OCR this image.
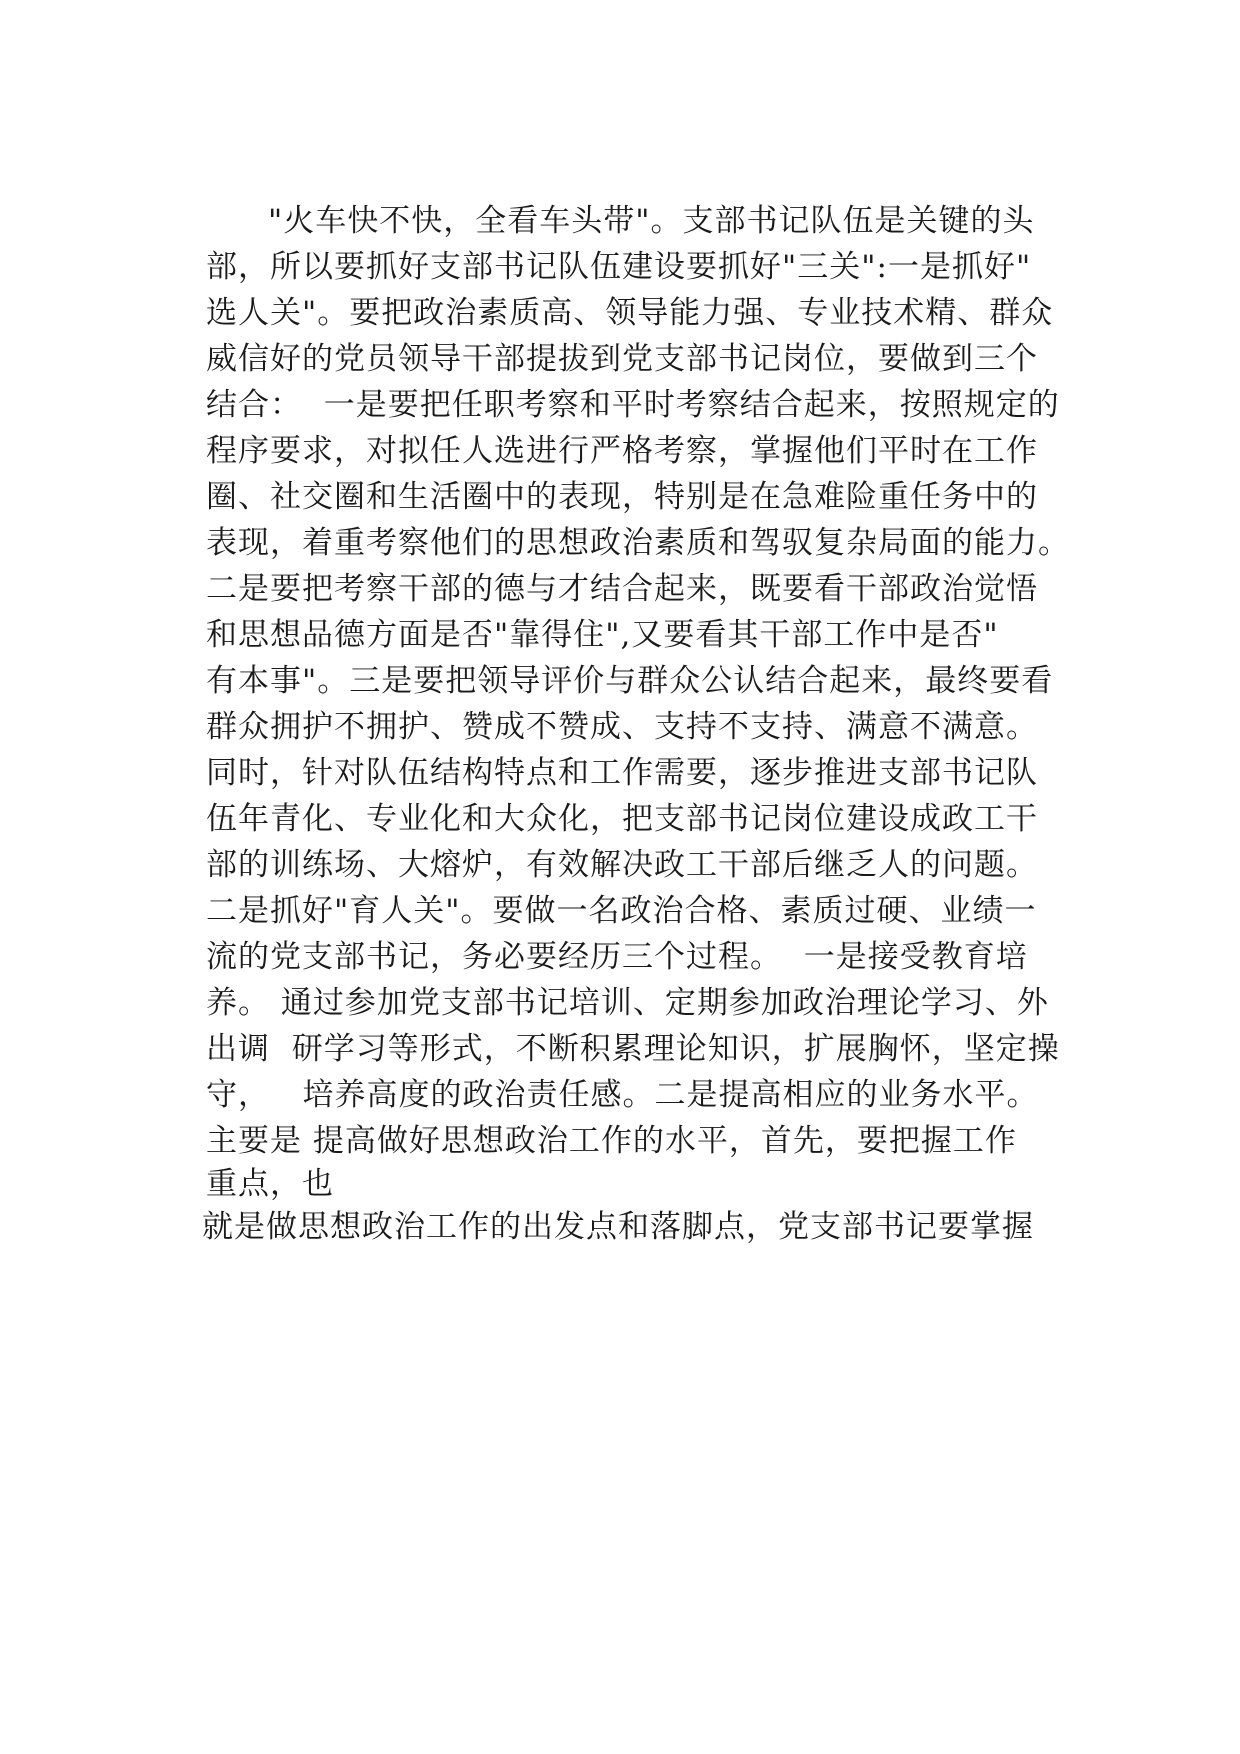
"火车快不快，全看车头带"。支部书记队伍是关键的头
部，所以要抓好支部书记队伍建设要抓好"三关":一是抓好"
选人关"。要把政治素质高、领导能力强、专业技术精、群众
威信好的党员领导干部提拔到党支部书记岗位，要做到三个
结合：  一是要把任职考察和平时考察结合起来，按照规定的
程序要求，对拟任人选进行严格考察，掌握他们平时在工作
圈、社交圈和生活圈中的表现，特别是在急难险重任务中的
表现，着重考察他们的思想政治素质和驾驭复杂局面的能力。
二是要把考察干部的德与才结合起来，既要看干部政治觉悟
和思想品德方面是否"靠得住",又要看其干部工作中是否"
有本事"。三是要把领导评价与群众公认结合起来，最终要看
群众拥护不拥护、赞成不赞成、支持不支持、满意不满意。
同时，针对队伍结构特点和工作需要，逐步推进支部书记队
伍年青化、专业化和大众化，把支部书记岗位建设成政工干
部的训练场、大熔炉，有效解决政工干部后继乏人的问题。
二是抓好"育人关"。要做一名政治合格、素质过硬、业绩一
流的党支部书记，务必要经历三个过程。  一是接受教育培
养。 通过参加党支部书记培训、定期参加政治理论学习、外
出调  研学习等形式，不断积累理论知识，扩展胸怀，坚定操
守，   培养高度的政治责任感。二是提高相应的业务水平。
主要是 提高做好思想政治工作的水平，首先，要把握工作
重点，也
就是做思想政治工作的出发点和落脚点，党支部书记要掌握
